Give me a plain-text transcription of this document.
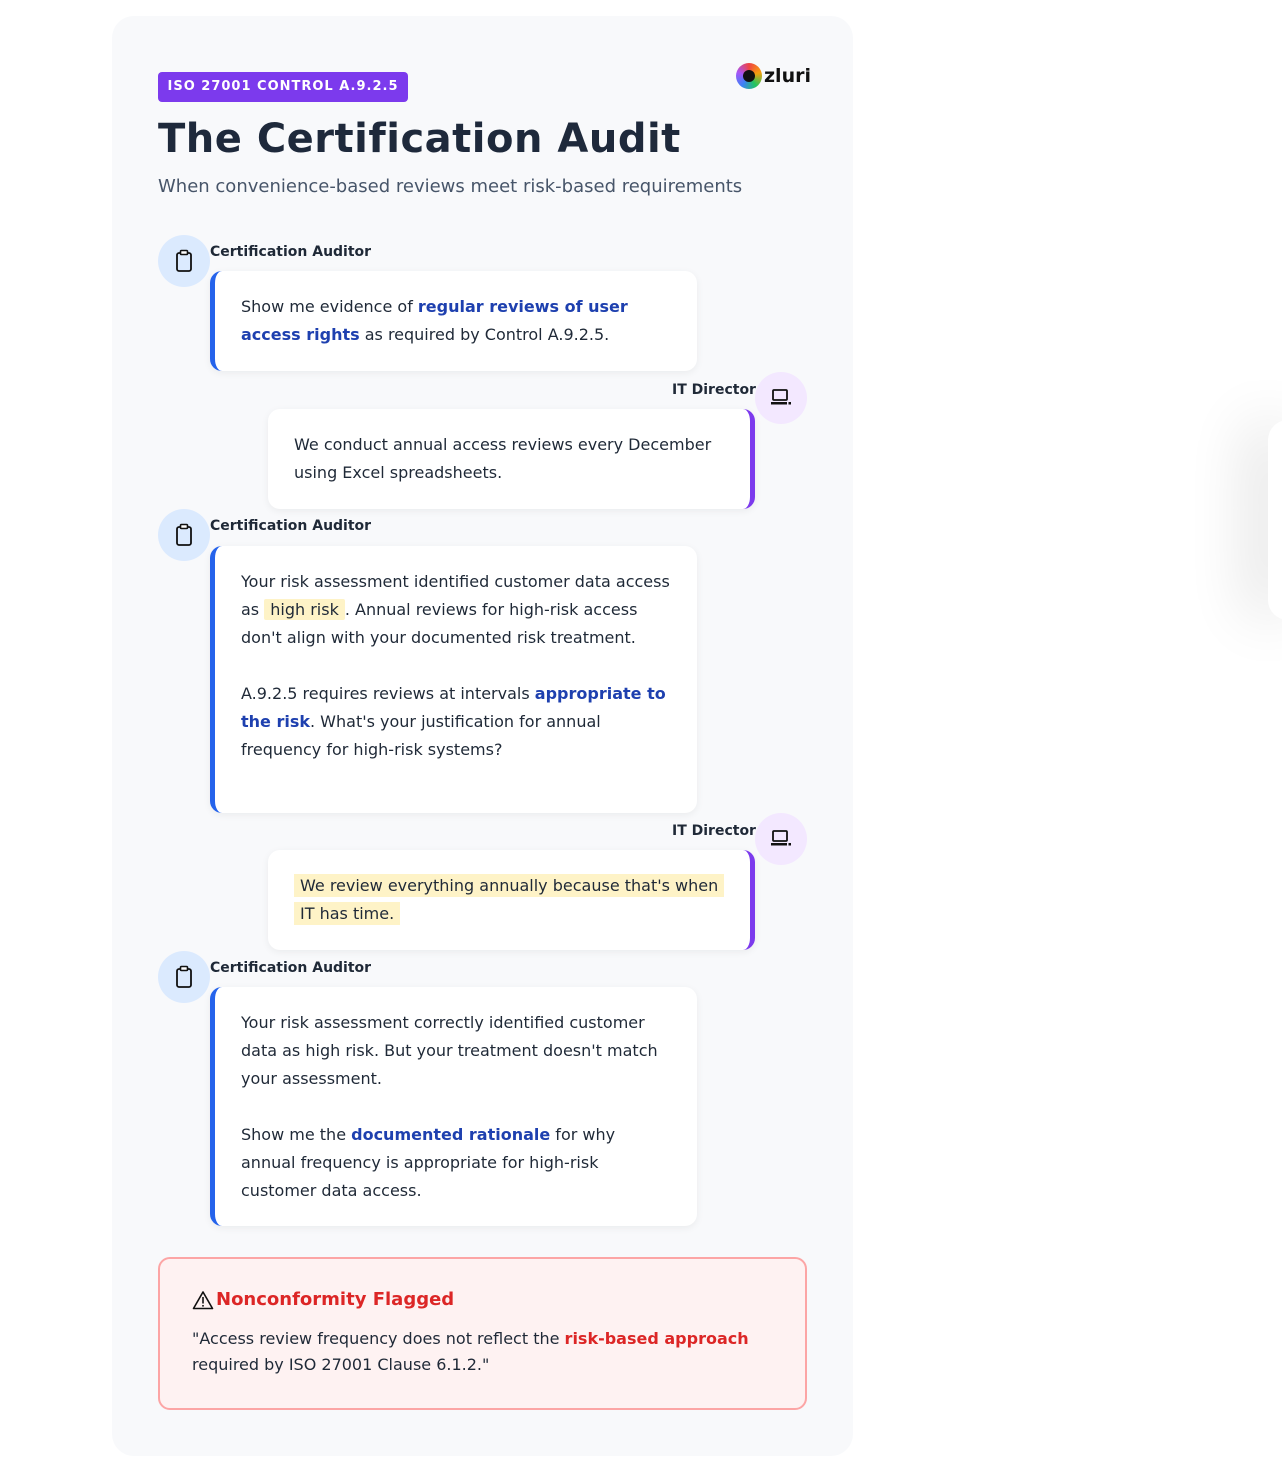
ISO 27001 CONTROL A.9.2.5	zluri
The Certification Audit

When convenience-based reviews meet risk-based requirements

Certification Auditor

Show me evidence of regular reviews of user access rights as required by Control A.9.2.5.

IT Director

We conduct annual access reviews every December using Excel spreadsheets.

Certification Auditor

Your risk assessment identified customer data access as high risk . Annual reviews for high-risk access don't align with your documented risk treatment.

A.9.2.5 requires reviews at intervals appropriate to the risk. What's your justification for annual frequency for high-risk systems?

IT Director

We review everything annually because that's when IT has time.

Certification Auditor

Your risk assessment correctly identified customer data as high risk. But your treatment doesn't match your assessment.

Show me the documented rationale for why annual frequency is appropriate for high-risk customer data access.

Nonconformity Flagged

"Access review frequency does not reflect the risk-based approach required by ISO 27001 Clause 6.1.2."
